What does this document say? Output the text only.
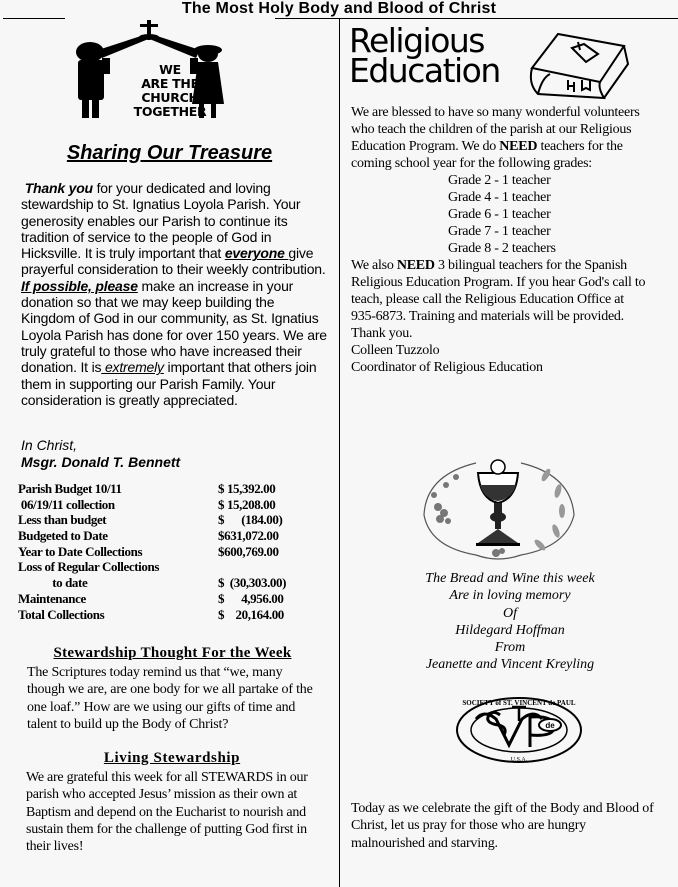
The Most Holy Body and Blood of Christ
WE
ARE THE
CHURCH
TOGETHER
Sharing Our Treasure

Thank you for your dedicated and loving stewardship to St. Ignatius Loyola Parish. Your generosity enables our Parish to continue its tradition of service to the people of God in Hicksville. It is truly important that everyone give prayerful consideration to their weekly contribution. If possible, please make an increase in your donation so that we may keep building the Kingdom of God in our community, as St. Ignatius Loyola Parish has done for over 150 years. We are truly grateful to those who have increased their donation. It is extremely important that others join them in supporting our Parish Family. Your consideration is greatly appreciated.

In Christ,
Msgr. Donald T. Bennett
Parish Budget 10/11	$ 15,392.00
06/19/11 collection	$ 15,208.00
Less than budget	$      (184.00)
Budgeted to Date	$631,072.00
Year to Date Collections	$600,769.00
Loss of Regular Collections
to date	$  (30,303.00)
Maintenance	$      4,956.00
Total Collections	$    20,164.00
Stewardship Thought For the Week
The Scriptures today remind us that “we, many though we are, are one body for we all partake of the one loaf.” How are we using our gifts of time and talent to build up the Body of Christ?
Living Stewardship
We are grateful this week for all STEWARDS in our parish who accepted Jesus’ mission as their own at Baptism and depend on the Eucharist to nourish and sustain them for the challenge of putting God first in their lives!
Religious
Education

We are blessed to have so many wonderful volunteers who teach the children of the parish at our Religious Education Program. We do NEED teachers for the coming school year for the following grades:

Grade 2 - 1 teacher
Grade 4 - 1 teacher
Grade 6 - 1 teacher
Grade 7 - 1 teacher
Grade 8 - 2 teachers

We also NEED 3 bilingual teachers for the Spanish Religious Education Program. If you hear God's call to teach, please call the Religious Education Office at 935-6873. Training and materials will be provided.

Thank you.

Colleen Tuzzolo

Coordinator of Religious Education

The Bread and Wine this week
Are in loving memory
Of
Hildegard Hoffman
From
Jeanette and Vincent Kreyling
SOCIETY of ST. VINCENT de PAUL
U.S.A.
de
Today as we celebrate the gift of the Body and Blood of Christ, let us pray for those who are hungry malnourished and starving.
